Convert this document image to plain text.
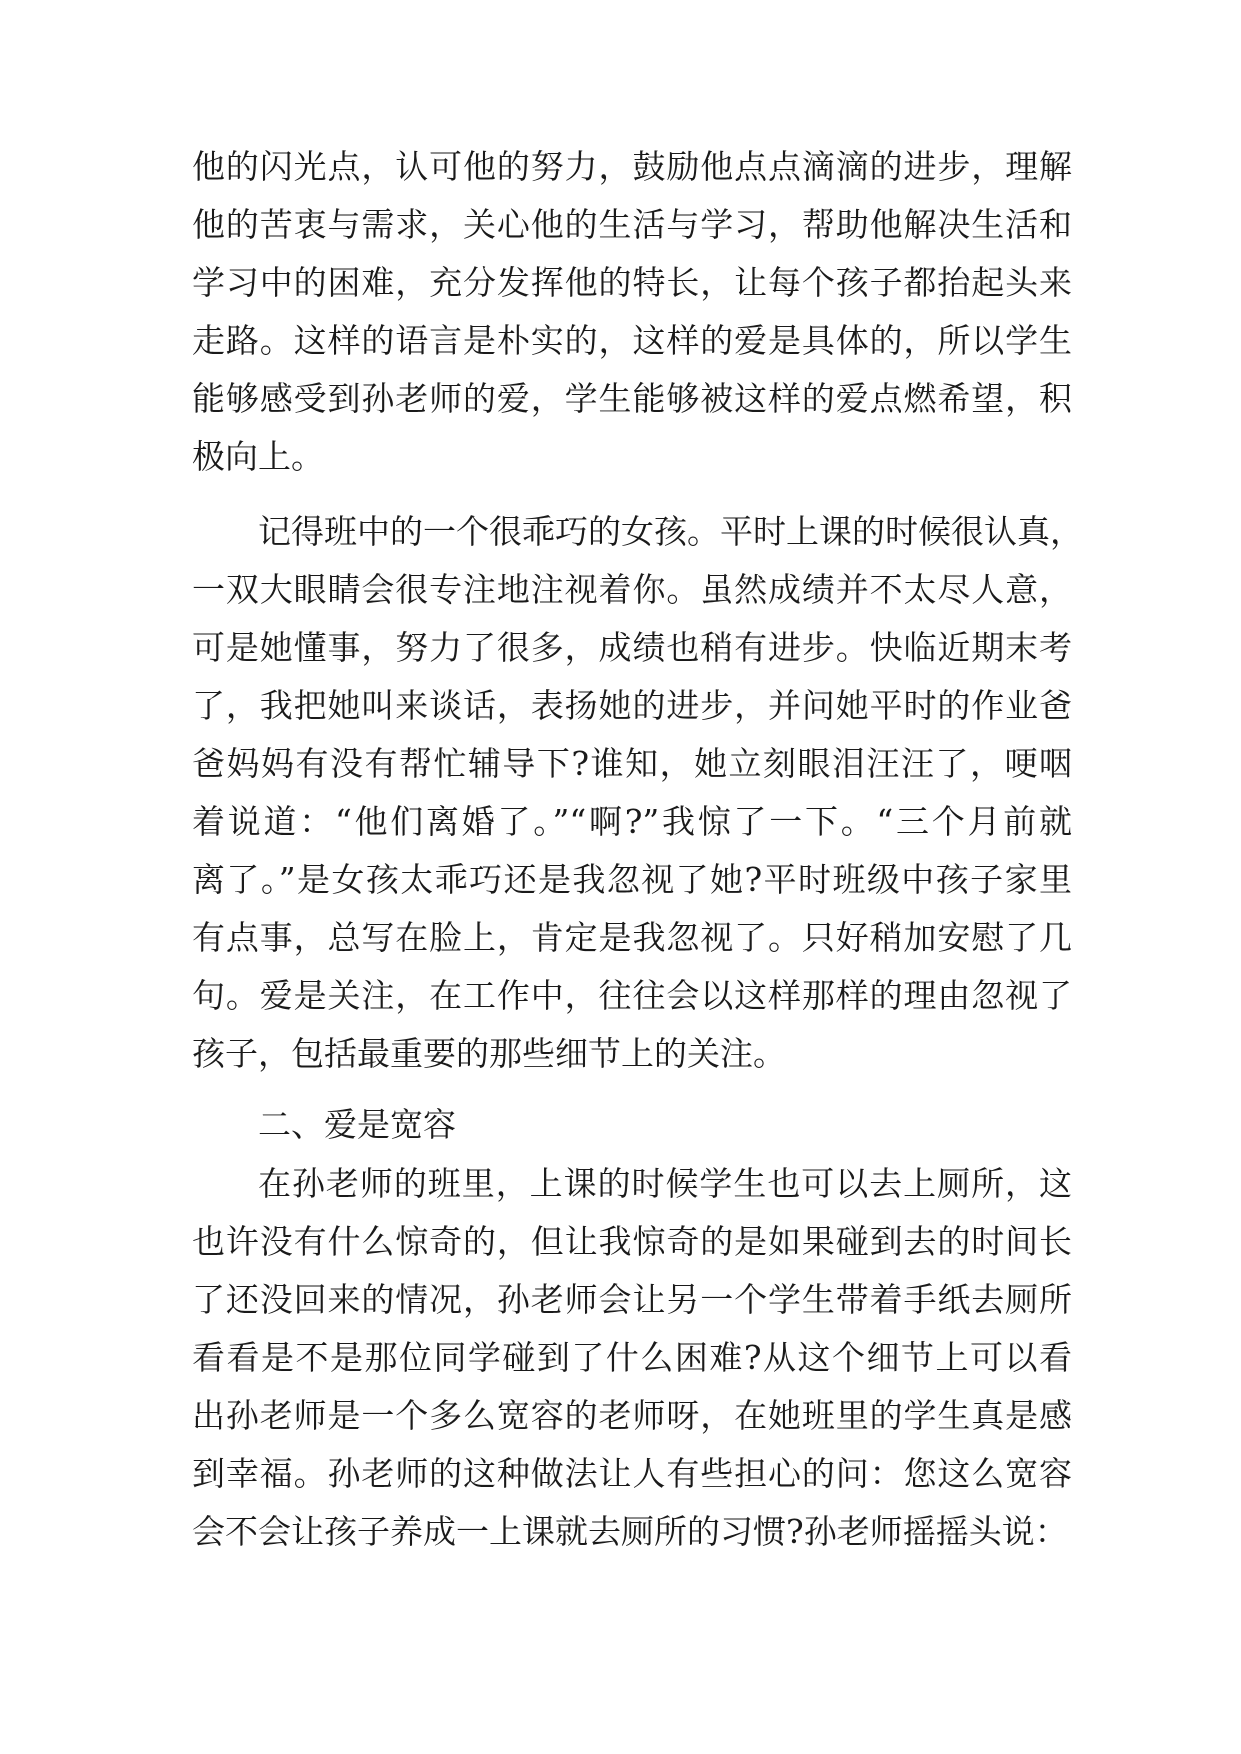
他的闪光点，认可他的努力，鼓励他点点滴滴的进步，理解
他的苦衷与需求，关心他的生活与学习，帮助他解决生活和
学习中的困难，充分发挥他的特长，让每个孩子都抬起头来
走路。这样的语言是朴实的，这样的爱是具体的，所以学生
能够感受到孙老师的爱，学生能够被这样的爱点燃希望，积
极向上。
记得班中的一个很乖巧的女孩。平时上课的时候很认真，
一双大眼睛会很专注地注视着你。虽然成绩并不太尽人意，
可是她懂事，努力了很多，成绩也稍有进步。快临近期末考
了，我把她叫来谈话，表扬她的进步，并问她平时的作业爸
爸妈妈有没有帮忙辅导下?谁知，她立刻眼泪汪汪了，哽咽
着说道：“他们离婚了。”“啊?”我惊了一下。“三个月前就
离了。”是女孩太乖巧还是我忽视了她?平时班级中孩子家里
有点事，总写在脸上，肯定是我忽视了。只好稍加安慰了几
句。爱是关注，在工作中，往往会以这样那样的理由忽视了
孩子，包括最重要的那些细节上的关注。
二、爱是宽容
在孙老师的班里，上课的时候学生也可以去上厕所，这
也许没有什么惊奇的，但让我惊奇的是如果碰到去的时间长
了还没回来的情况，孙老师会让另一个学生带着手纸去厕所
看看是不是那位同学碰到了什么困难?从这个细节上可以看
出孙老师是一个多么宽容的老师呀，在她班里的学生真是感
到幸福。孙老师的这种做法让人有些担心的问：您这么宽容
会不会让孩子养成一上课就去厕所的习惯?孙老师摇摇头说：
